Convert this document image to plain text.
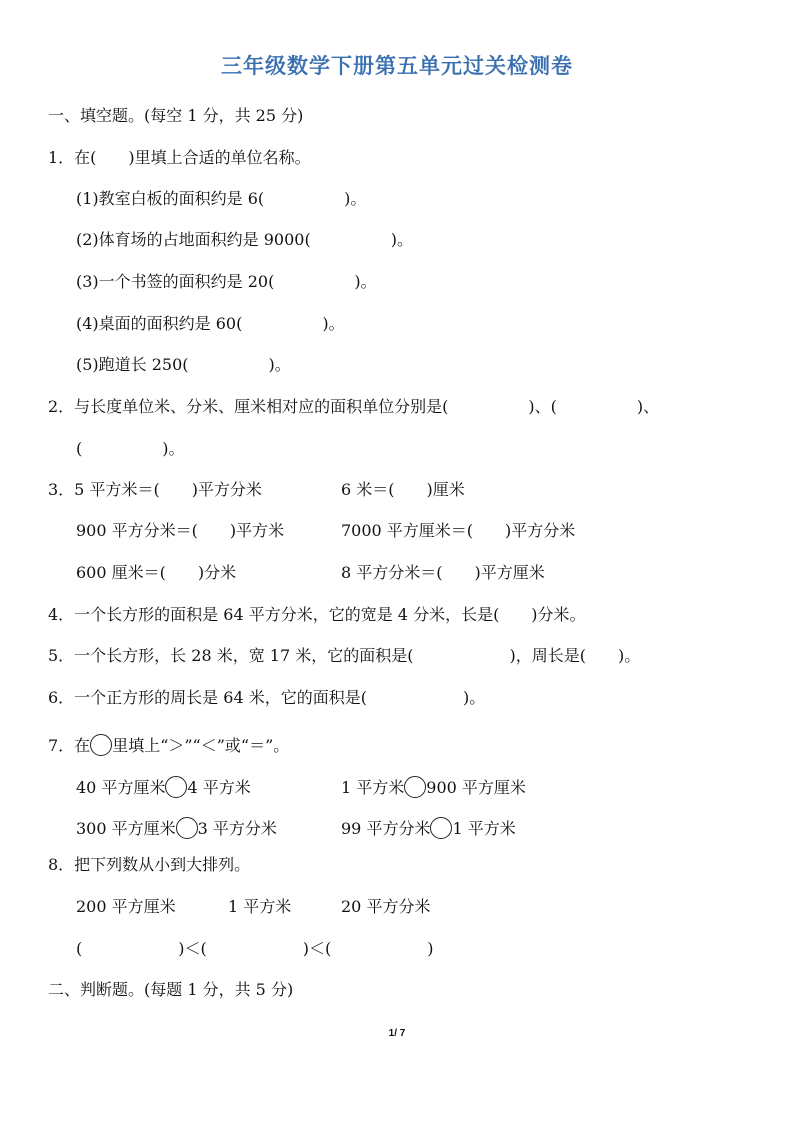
三年级数学下册第五单元过关检测卷
一、填空题。(每空 1 分，共 25 分)
1．在(　　)里填上合适的单位名称。
(1)教室白板的面积约是 6(　　　　　)。
(2)体育场的占地面积约是 9000(　　　　　)。
(3)一个书签的面积约是 20(　　　　　)。
(4)桌面的面积约是 60(　　　　　)。
(5)跑道长 250(　　　　　)。
2．与长度单位米、分米、厘米相对应的面积单位分别是(　　　　　)、(　　　　　)、
(　　　　　)。
3．5 平方米＝(　　)平方分米	6 米＝(　　)厘米
900 平方分米＝(　　)平方米	7000 平方厘米＝(　　)平方分米
600 厘米＝(　　)分米	8 平方分米＝(　　)平方厘米
4．一个长方形的面积是 64 平方分米，它的宽是 4 分米，长是(　　)分米。
5．一个长方形，长 28 米，宽 17 米，它的面积是(　　　　　　)，周长是(　　)。
6．一个正方形的周长是 64 米，它的面积是(　　　　　　)。
7．在 里填上“＞”“＜”或“＝”。
40 平方厘米 4 平方米	1 平方米 900 平方厘米
300 平方厘米 3 平方分米	99 平方分米 1 平方米
8．把下列数从小到大排列。
200 平方厘米	1 平方米	20 平方分米
(　　　　　　)＜(　　　　　　)＜(　　　　　　)
二、判断题。(每题 1 分，共 5 分)
1/ 7
